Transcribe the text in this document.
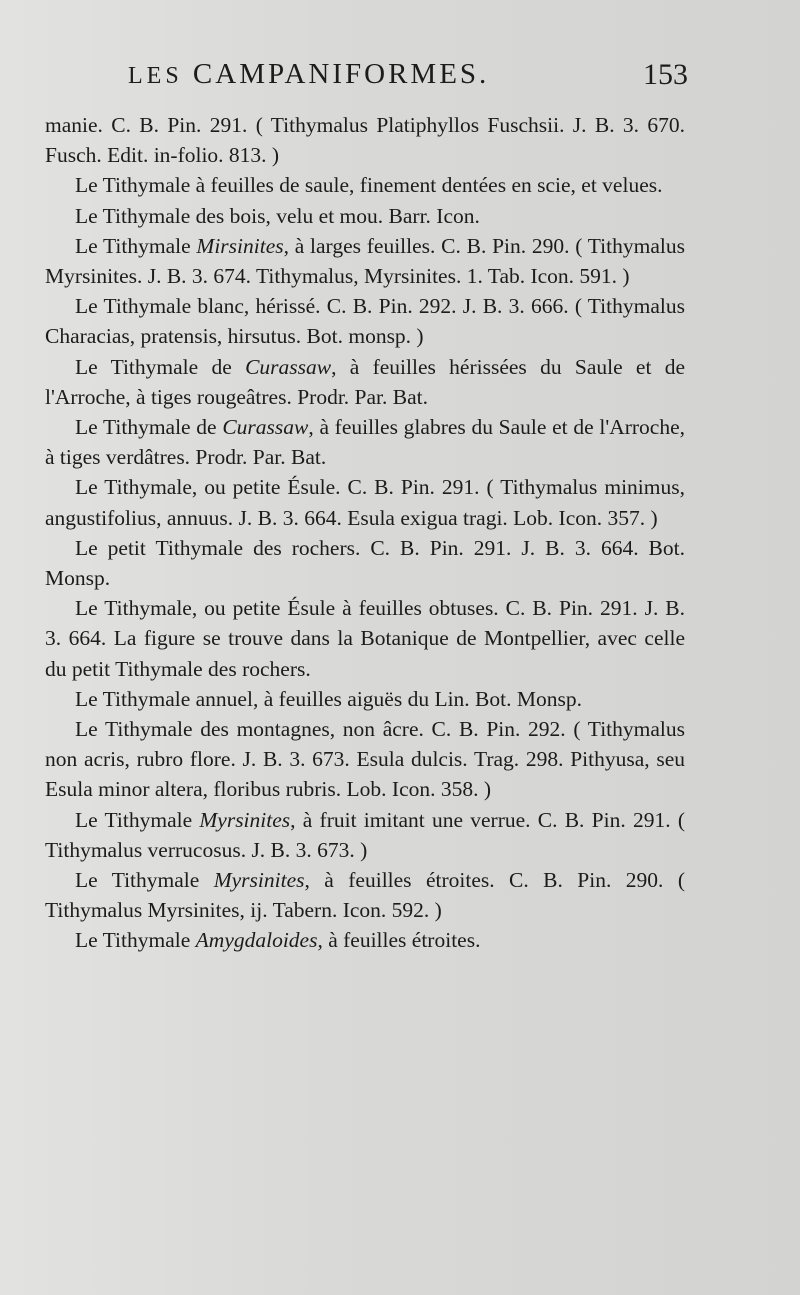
LES CAMPANIFORMES.	153

manie. C. B. Pin. 291. ( Tithymalus Platiphyllos Fuschsii. J. B. 3. 670. Fusch. Edit. in-folio. 813. )

Le Tithymale à feuilles de saule, finement dentées en scie, et velues.

Le Tithymale des bois, velu et mou. Barr. Icon.

Le Tithymale Mirsinites, à larges feuilles. C. B. Pin. 290. ( Tithymalus Myrsinites. J. B. 3. 674. Tithymalus, Myrsinites. 1. Tab. Icon. 591. )

Le Tithymale blanc, hérissé. C. B. Pin. 292. J. B. 3. 666. ( Tithymalus Characias, pratensis, hirsutus. Bot. monsp. )

Le Tithymale de Curassaw, à feuilles hérissées du Saule et de l'Arroche, à tiges rougeâtres. Prodr. Par. Bat.

Le Tithymale de Curassaw, à feuilles glabres du Saule et de l'Arroche, à tiges verdâtres. Prodr. Par. Bat.

Le Tithymale, ou petite Ésule. C. B. Pin. 291. ( Tithymalus minimus, angustifolius, annuus. J. B. 3. 664. Esula exigua tragi. Lob. Icon. 357. )

Le petit Tithymale des rochers. C. B. Pin. 291. J. B. 3. 664. Bot. Monsp.

Le Tithymale, ou petite Ésule à feuilles obtuses. C. B. Pin. 291. J. B. 3. 664. La figure se trouve dans la Botanique de Montpellier, avec celle du petit Tithymale des rochers.

Le Tithymale annuel, à feuilles aiguës du Lin. Bot. Monsp.

Le Tithymale des montagnes, non âcre. C. B. Pin. 292. ( Tithymalus non acris, rubro flore. J. B. 3. 673. Esula dulcis. Trag. 298. Pithyusa, seu Esula minor altera, floribus rubris. Lob. Icon. 358. )

Le Tithymale Myrsinites, à fruit imitant une verrue. C. B. Pin. 291. ( Tithymalus verrucosus. J. B. 3. 673. )

Le Tithymale Myrsinites, à feuilles étroites. C. B. Pin. 290. ( Tithymalus Myrsinites, ij. Tabern. Icon. 592. )

Le Tithymale Amygdaloides, à feuilles étroites.
